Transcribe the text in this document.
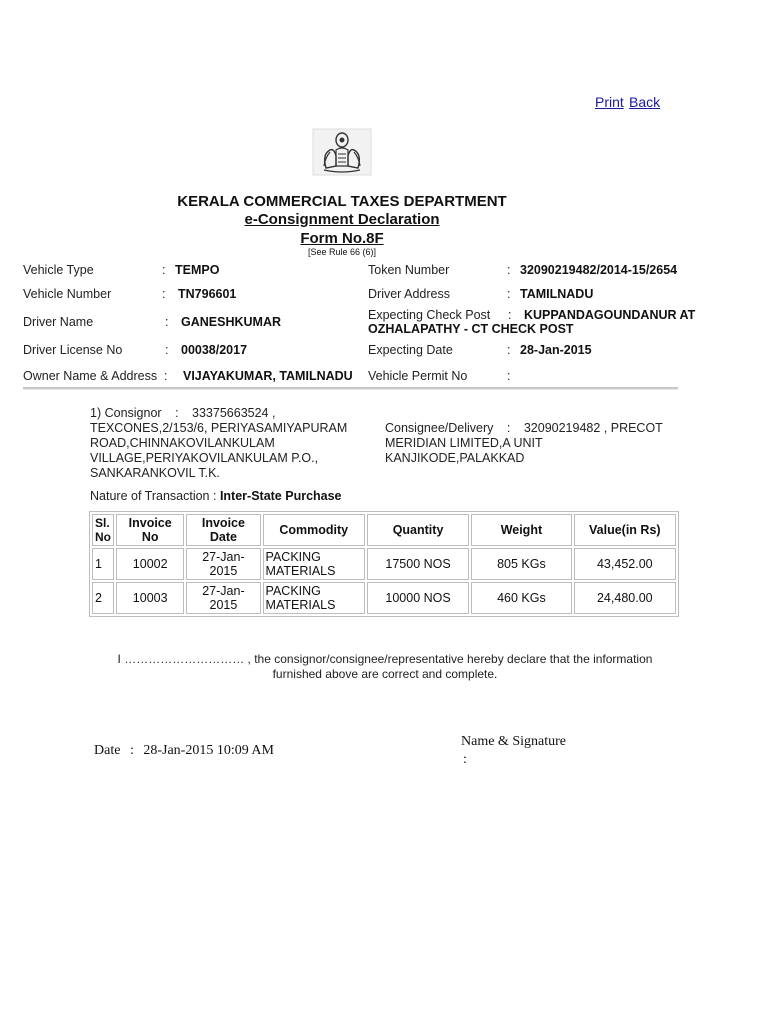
Print Back
KERALA COMMERCIAL TAXES DEPARTMENT
e-Consignment Declaration
Form No.8F
[See Rule 66 (6)]
Vehicle Type	: TEMPO
Vehicle Number	: TN796601
Driver Name	: GANESHKUMAR
Driver License No	: 00038/2017
Owner Name & Address : VIJAYAKUMAR, TAMILNADU
Token Number	: 32090219482/2014-15/2654
Driver Address	: TAMILNADU
Expecting Check Post : KUPPANDAGOUNDANUR AT
OZHALAPATHY - CT CHECK POST
Expecting Date	: 28-Jan-2015
Vehicle Permit No	:
1) Consignor : 33375663524 ,
TEXCONES,2/153/6, PERIYASAMIYAPURAM
ROAD,CHINNAKOVILANKULAM
VILLAGE,PERIYAKOVILANKULAM P.O.,
SANKARANKOVIL T.K.
Consignee/Delivery : 32090219482 , PRECOT
MERIDIAN LIMITED,A UNIT
KANJIKODE,PALAKKAD
Nature of Transaction : Inter-State Purchase
Sl. No	Invoice No	Invoice Date	Commodity	Quantity	Weight	Value(in Rs)
1	10002	27-Jan-2015	PACKING MATERIALS	17500 NOS	805 KGs	43,452.00
2	10003	27-Jan-2015	PACKING MATERIALS	10000 NOS	460 KGs	24,480.00
I ………………………… , the consignor/consignee/representative hereby declare that the information
furnished above are correct and complete.
Date : 28-Jan-2015 10:09 AM
Name & Signature
:
